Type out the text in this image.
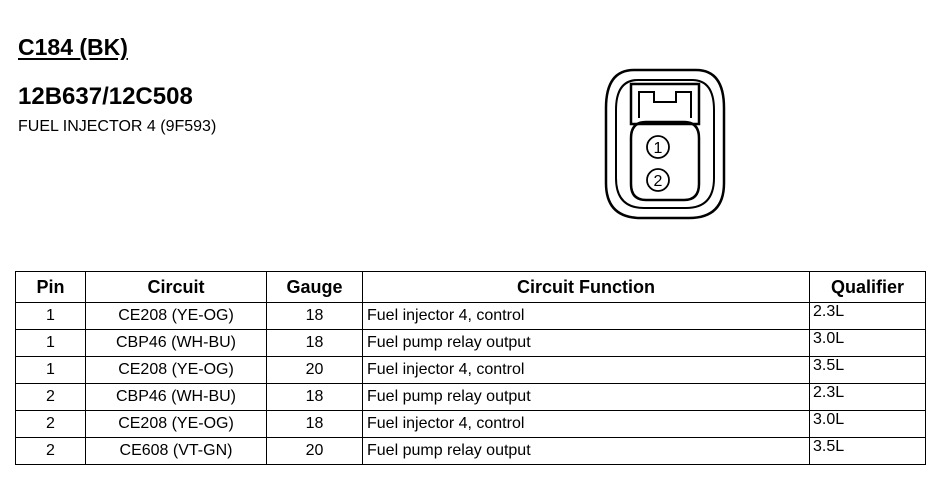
C184 (BK)
12B637/12C508
FUEL INJECTOR 4 (9F593)
1
2
Pin	Circuit	Gauge	Circuit Function	Qualifier
1	CE208 (YE-OG)	18	Fuel injector 4, control	2.3L
1	CBP46 (WH-BU)	18	Fuel pump relay output	3.0L
1	CE208 (YE-OG)	20	Fuel injector 4, control	3.5L
2	CBP46 (WH-BU)	18	Fuel pump relay output	2.3L
2	CE208 (YE-OG)	18	Fuel injector 4, control	3.0L
2	CE608 (VT-GN)	20	Fuel pump relay output	3.5L
